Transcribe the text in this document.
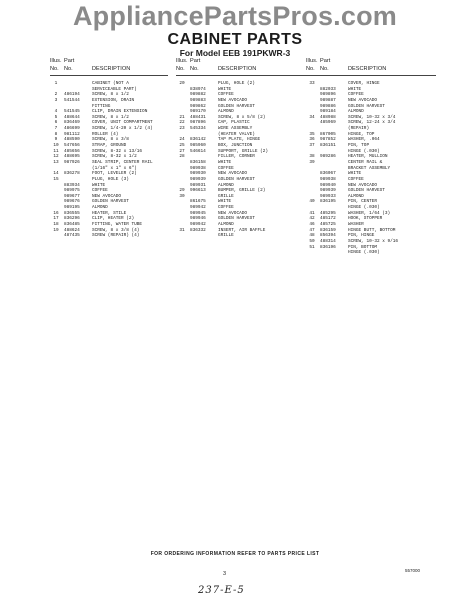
AppliancePartsPros.com
CABINET PARTS
For Model EEB 191PKWR-3
Illus.
No.
Part
No.	DESCRIPTION
1	CABINET (NOT A
SERVICEABLE PART)
2	486194	SCREW, 8 x 1/2
3	541544	EXTENSION, DRAIN
FITTING
4	541545	CLIP, DRAIN EXTENSION
5	488644	SCREW, 8 x 1/2
6	836469	COVER, UNIT COMPARTMENT
7	486699	SCREW, 1/4-20 x 1/2 (4)
8	981112	ROLLER (4)
9	488590	SCREW, 8 x 3/8
10	547656	STRAP, GROUND
11	485656	SCREW, 8-32 x 13/16
12	488695	SCREW, 8-32 x 1/2
13	987926	SEAL STRIP, CENTER RAIL
(1/16" x 1" x 6")
14	836278	FOOT, LEVELER (2)
15	PLUG, HOLE (3)
883934	WHITE
989975	COFFEE
989677	NEW AVOCADO
989676	GOLDEN HARVEST
989195	ALMOND
16	836555	HEATER, STILE
17	836296	CLIP, HEATER (2)
18	836485	FITTING, WATER TUBE
19	488624	SCREW, 8 x 3/8 (4)
487435	SCREW (REPAIR) (4)
Illus.
No.
Part
No.	DESCRIPTION
20	PLUG, HOLE (2)
838974	WHITE
989882	COFFEE
989883	NEW AVOCADO
989862	GOLDEN HARVEST
989170	ALMOND
21	488431	SCREW, 8 x 5/8 (2)
22	987896	CAP, PLASTIC
23	545334	WIRE ASSEMBLY
(HEATER VALVE)
24	836142	TAP PLATE, HINGE
25	985960	BOX, JUNCTION
27	546614	SUPPORT, GRILLE (2)
28	FILLER, CORNER
836158	WHITE
989938	COFFEE
989930	NEW AVOCADO
989939	GOLDEN HARVEST
989931	ALMOND
29	996613	BUMPER, GRILLE (2)
30	GRILLE
861675	WHITE
989942	COFFEE
989945	NEW AVOCADO
989946	GOLDEN HARVEST
989942	ALMOND
31	836332	INSERT, AIR BAFFLE
GRILLE
Illus.
No.
Part
No.	DESCRIPTION
33	COVER, HINGE
882033	WHITE
989896	COFFEE
989887	NEW AVOCADO
989886	GOLDEN HARVEST
989184	ALMOND
34	488988	SCREW, 10-32 x 3/4
485969	SCREW, 12-24 x 3/4
(REPAIR)
35	867005	HINGE, TOP
36	987852	WASHER, .064
37	836151	PIN, TOP
HINGE (.030)
38	989286	HEATER, MULLION
39	CENTER RAIL &
BRACKET ASSEMBLY
836067	WHITE
989938	COFFEE
989940	NEW AVOCADO
989939	GOLDEN HARVEST
989933	ALMOND
40	836195	PIN, CENTER
HINGE (.030)
41	485295	WASHER, 1/64 (3)
42	485172	HOOK, STOPPER
46	485725	WASHER
47	836159	HINGE BUTT, BOTTOM
48	856394	PIN, HINGE
50	488314	SCREW, 10-32 x 9/16
51	836196	PIN, BOTTOM
HINGE (.030)
FOR ORDERING INFORMATION REFER TO PARTS PRICE LIST
3
557000
237-E-5
